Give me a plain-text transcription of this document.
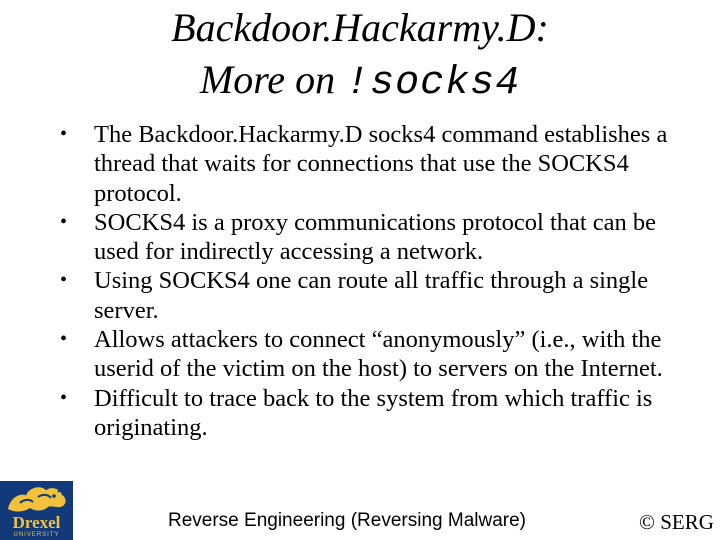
Backdoor.Hackarmy.D:
More on !socks4
• The Backdoor.Hackarmy.D socks4 command establishes a thread that waits for connections that use the SOCKS4 protocol.
• SOCKS4 is a proxy communications protocol that can be used for indirectly accessing a network.
• Using SOCKS4 one can route all traffic through a single server.
• Allows attackers to connect “anonymously” (i.e., with the userid of the victim on the host) to servers on the Internet.
• Difficult to trace back to the system from which traffic is originating.
Drexel
UNIVERSITY
Reverse Engineering (Reversing Malware)	© SERG
